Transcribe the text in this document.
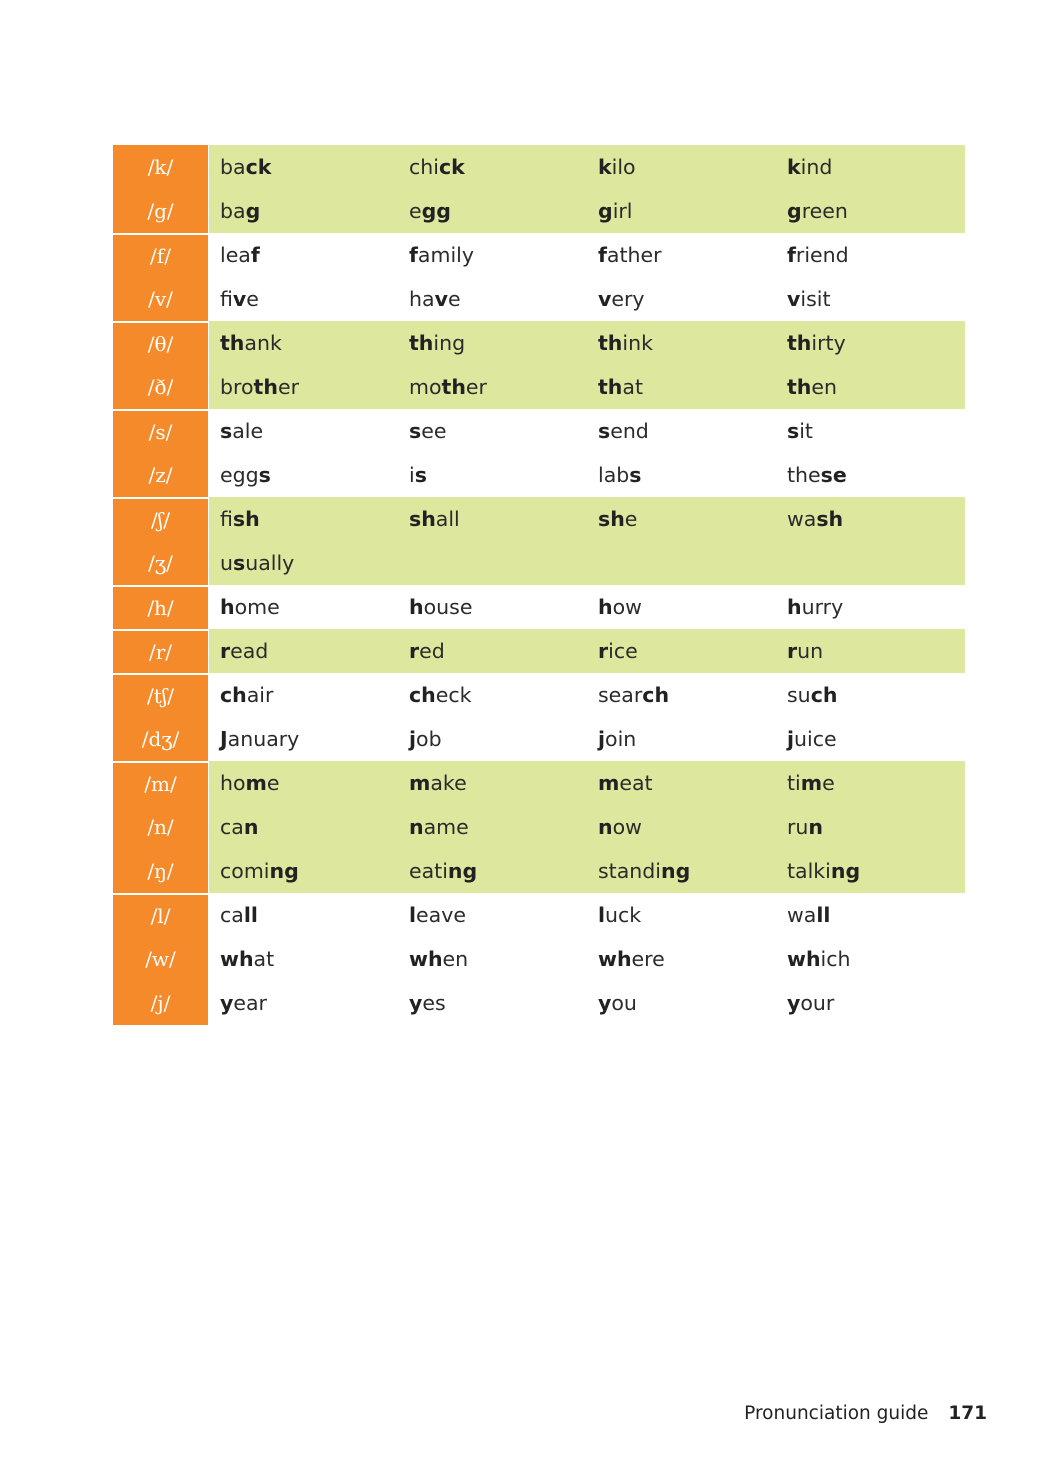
/k/	ba ck	chi ck	k ilo	k ind
/g/	ba g	e gg	g irl	g reen
/f/	lea f	f amily	f ather	f riend
/v/	fi v e	ha v e	v ery	v isit
/θ/	th ank	th ing	th ink	th irty
/ð/	bro th er	mo th er	th at	th en
/s/	s ale	s ee	s end	s it
/z/	egg s	i s	lab s	the se
/ʃ/	fi sh	sh all	sh e	wa sh
/ʒ/	u s ually
/h/	h ome	h ouse	h ow	h urry
/r/	r ead	r ed	r ice	r un
/tʃ/	ch air	ch eck	sear ch	su ch
/dʒ/	J anuary	j ob	j oin	j uice
/m/	ho m e	m ake	m eat	ti m e
/n/	ca n	n ame	n ow	ru n
/ŋ/	comi ng	eati ng	standi ng	talki ng
/l/	ca ll	l eave	l uck	wa ll
/w/	wh at	wh en	wh ere	wh ich
/j/	y ear	y es	y ou	y our
Pronunciation guide 171
